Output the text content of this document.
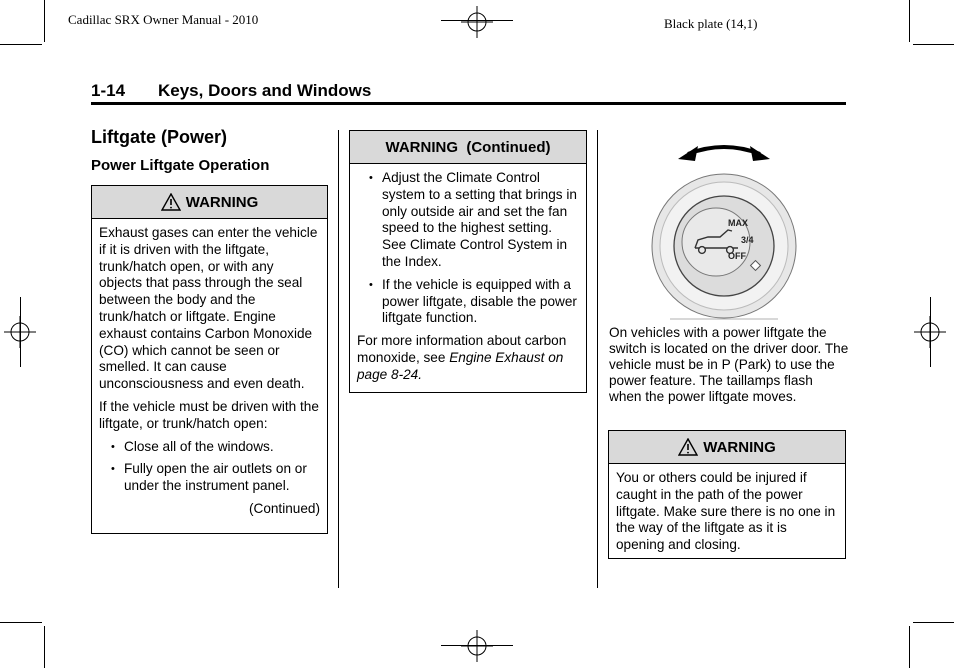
Cadillac SRX Owner Manual - 2010	Black plate (14,1)
1-14 Keys, Doors and Windows
Liftgate (Power)
Power Liftgate Operation
WARNING

Exhaust gases can enter the vehicle if it is driven with the liftgate, trunk/hatch open, or with any objects that pass through the seal between the body and the trunk/hatch or liftgate. Engine exhaust contains Carbon Monoxide (CO) which cannot be seen or smelled. It can cause unconsciousness and even death.

If the vehicle must be driven with the liftgate, or trunk/hatch open:

• Close all of the windows.
• Fully open the air outlets on or under the instrument panel.
(Continued)
WARNING  (Continued)
• Adjust the Climate Control system to a setting that brings in only outside air and set the fan speed to the highest setting. See Climate Control System in the Index.
• If the vehicle is equipped with a power liftgate, disable the power liftgate function.

For more information about carbon monoxide, see Engine Exhaust on page 8-24.

MAX
3/4
OFF
On vehicles with a power liftgate the switch is located on the driver door. The vehicle must be in P (Park) to use the power feature. The taillamps flash when the power liftgate moves.
WARNING

You or others could be injured if caught in the path of the power liftgate. Make sure there is no one in the way of the liftgate as it is opening and closing.
